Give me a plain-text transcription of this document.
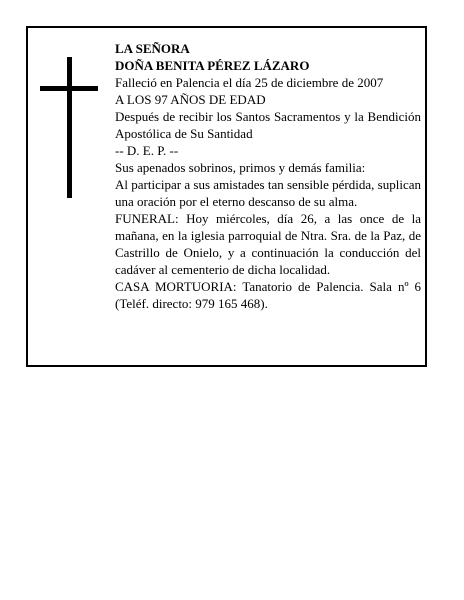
LA SEÑORA

DOÑA BENITA PÉREZ LÁZARO

Falleció en Palencia el día 25 de diciembre de 2007

A LOS 97 AÑOS DE EDAD

Después de recibir los Santos Sacramentos y la Bendición Apostólica de Su Santidad

-- D. E. P. --

Sus apenados sobrinos, primos y demás familia:

Al participar a sus amistades tan sensible pérdida, suplican una oración por el eterno descanso de su alma.

FUNERAL: Hoy miércoles, día 26, a las once de la mañana, en la iglesia parroquial de Ntra. Sra. de la Paz, de Castrillo de Onielo, y a continuación la conducción del cadáver al cementerio de dicha localidad.

CASA MORTUORIA: Tanatorio de Palencia. Sala nº 6 (Teléf. directo: 979 165 468).
